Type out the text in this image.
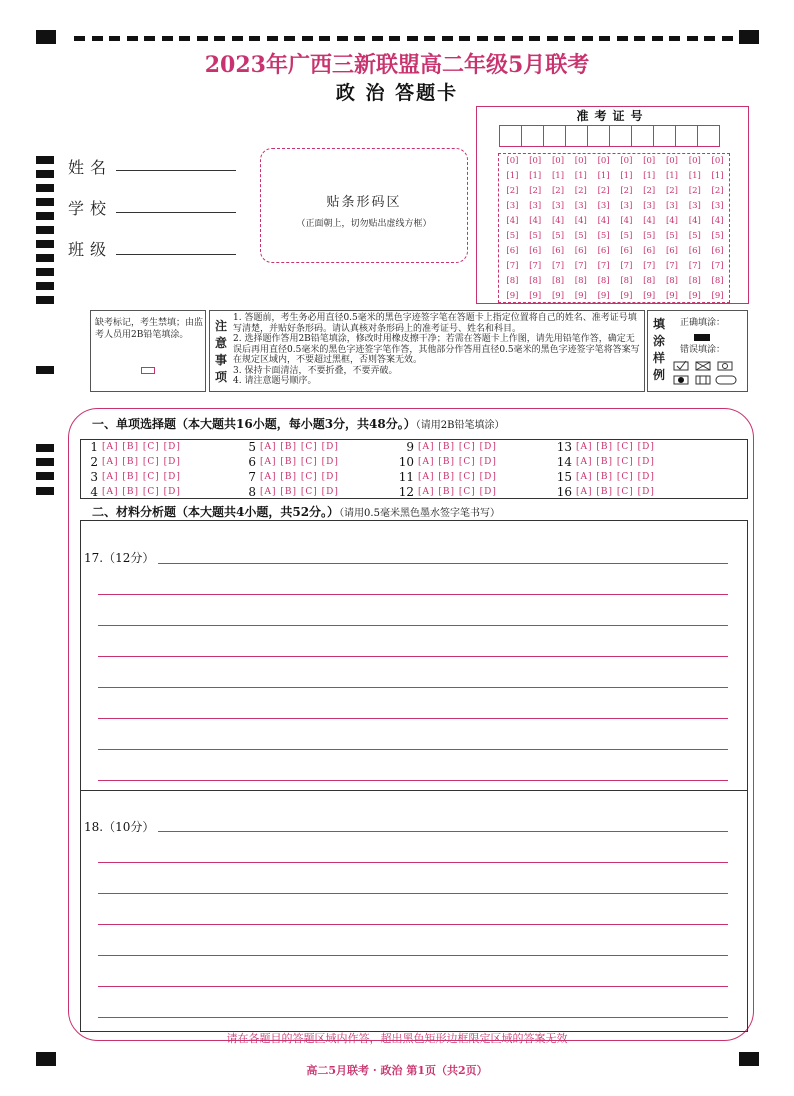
2023年广西三新联盟高二年级5月联考
政 治 答题卡
姓名
学校
班级
贴条形码区
（正面朝上，切勿贴出虚线方框）
准考证号
[0]	[0]	[0]	[0]	[0]	[0]	[0]	[0]	[0]	[0]
[1]	[1]	[1]	[1]	[1]	[1]	[1]	[1]	[1]	[1]
[2]	[2]	[2]	[2]	[2]	[2]	[2]	[2]	[2]	[2]
[3]	[3]	[3]	[3]	[3]	[3]	[3]	[3]	[3]	[3]
[4]	[4]	[4]	[4]	[4]	[4]	[4]	[4]	[4]	[4]
[5]	[5]	[5]	[5]	[5]	[5]	[5]	[5]	[5]	[5]
[6]	[6]	[6]	[6]	[6]	[6]	[6]	[6]	[6]	[6]
[7]	[7]	[7]	[7]	[7]	[7]	[7]	[7]	[7]	[7]
[8]	[8]	[8]	[8]	[8]	[8]	[8]	[8]	[8]	[8]
[9]	[9]	[9]	[9]	[9]	[9]	[9]	[9]	[9]	[9]
缺考标记，考生禁填；由监考人员用2B铅笔填涂。
注意事项
1. 答题前，考生务必用直径0.5毫米的黑色字迹签字笔在答题卡上指定位置将自己的姓名、准考证号填写清楚，并贴好条形码。请认真核对条形码上的准考证号、姓名和科目。
2. 选择题作答用2B铅笔填涂，修改时用橡皮擦干净；若需在答题卡上作图，请先用铅笔作答，确定无误后再用直径0.5毫米的黑色字迹签字笔作答，其他部分作答用直径0.5毫米的黑色字迹签字笔将答案写在规定区域内，不要超过黑框，否则答案无效。
3. 保持卡面清洁，不要折叠，不要弄破。
4. 请注意题号顺序。
填涂样例
正确填涂：
错误填涂：
一、单项选择题（本大题共16小题，每小题3分，共48分。）（请用2B铅笔填涂）
1 [A] [B] [C] [D]
2 [A] [B] [C] [D]
3 [A] [B] [C] [D]
4 [A] [B] [C] [D]
5 [A] [B] [C] [D]
6 [A] [B] [C] [D]
7 [A] [B] [C] [D]
8 [A] [B] [C] [D]
9 [A] [B] [C] [D]
10 [A] [B] [C] [D]
11 [A] [B] [C] [D]
12 [A] [B] [C] [D]
13 [A] [B] [C] [D]
14 [A] [B] [C] [D]
15 [A] [B] [C] [D]
16 [A] [B] [C] [D]
二、材料分析题（本大题共4小题，共52分。）（请用0.5毫米黑色墨水签字笔书写）
17.（12分）
18.（10分）
请在各题目的答题区域内作答，超出黑色矩形边框限定区域的答案无效
高二5月联考 · 政治 第1页（共2页）
